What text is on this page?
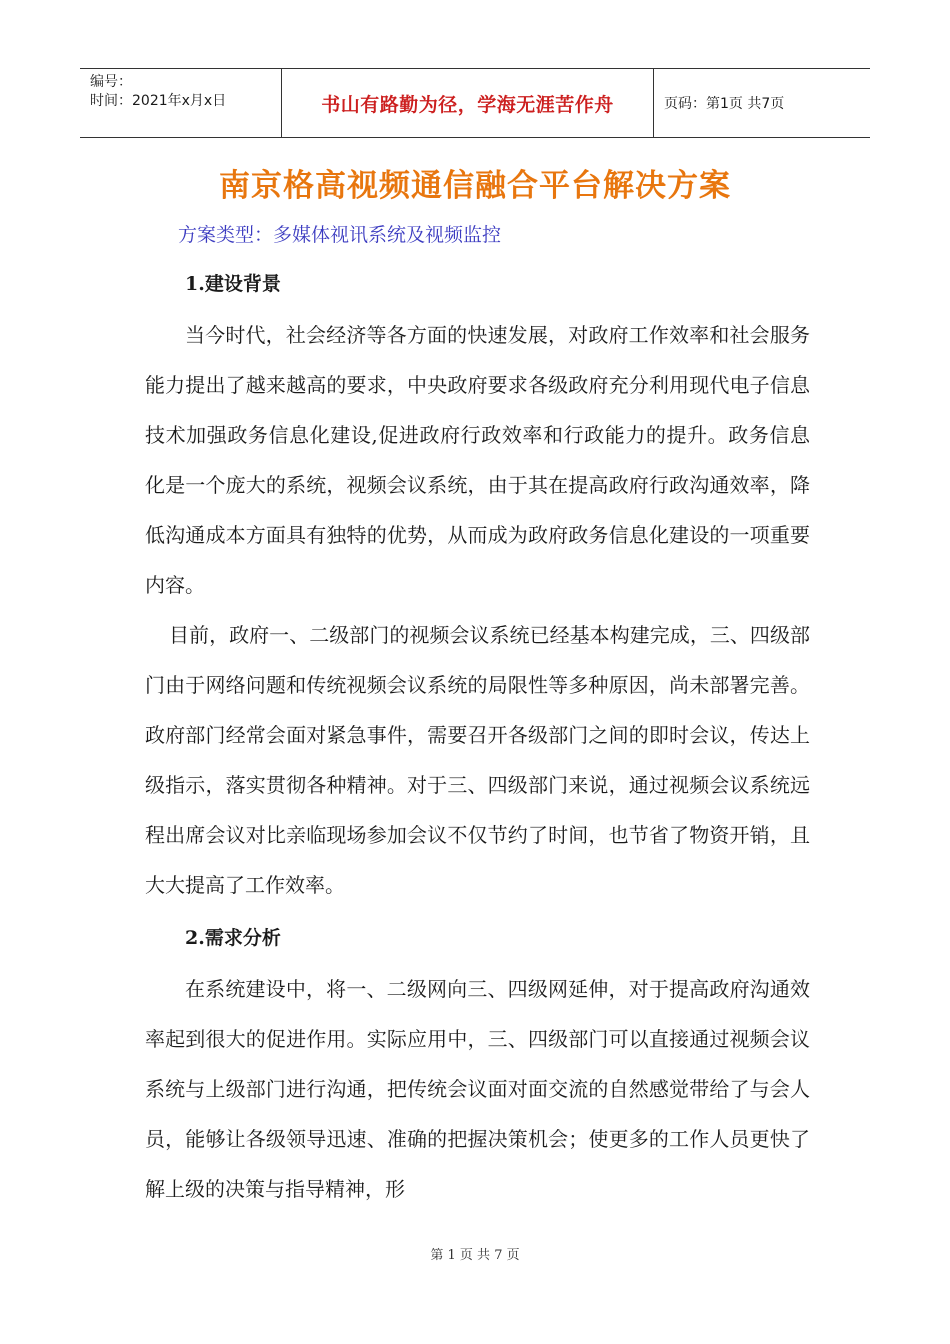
编号：
时间：2021年x月x日	书山有路勤为径，学海无涯苦作舟	页码：第1页 共7页
南京格高视频通信融合平台解决方案
方案类型：多媒体视讯系统及视频监控
1.建设背景

当今时代，社会经济等各方面的快速发展，对政府工作效率和社会服务能力提出了越来越高的要求，中央政府要求各级政府充分利用现代电子信息技术加强政务信息化建设,促进政府行政效率和行政能力的提升。政务信息化是一个庞大的系统，视频会议系统，由于其在提高政府行政沟通效率，降低沟通成本方面具有独特的优势，从而成为政府政务信息化建设的一项重要内容。

目前，政府一、二级部门的视频会议系统已经基本构建完成，三、四级部门由于网络问题和传统视频会议系统的局限性等多种原因，尚未部署完善。政府部门经常会面对紧急事件，需要召开各级部门之间的即时会议，传达上级指示，落实贯彻各种精神。对于三、四级部门来说，通过视频会议系统远程出席会议对比亲临现场参加会议不仅节约了时间，也节省了物资开销，且大大提高了工作效率。

2.需求分析

在系统建设中，将一、二级网向三、四级网延伸，对于提高政府沟通效率起到很大的促进作用。实际应用中，三、四级部门可以直接通过视频会议系统与上级部门进行沟通，把传统会议面对面交流的自然感觉带给了与会人员，能够让各级领导迅速、准确的把握决策机会；使更多的工作人员更快了解上级的决策与指导精神，形

第 1 页 共 7 页
